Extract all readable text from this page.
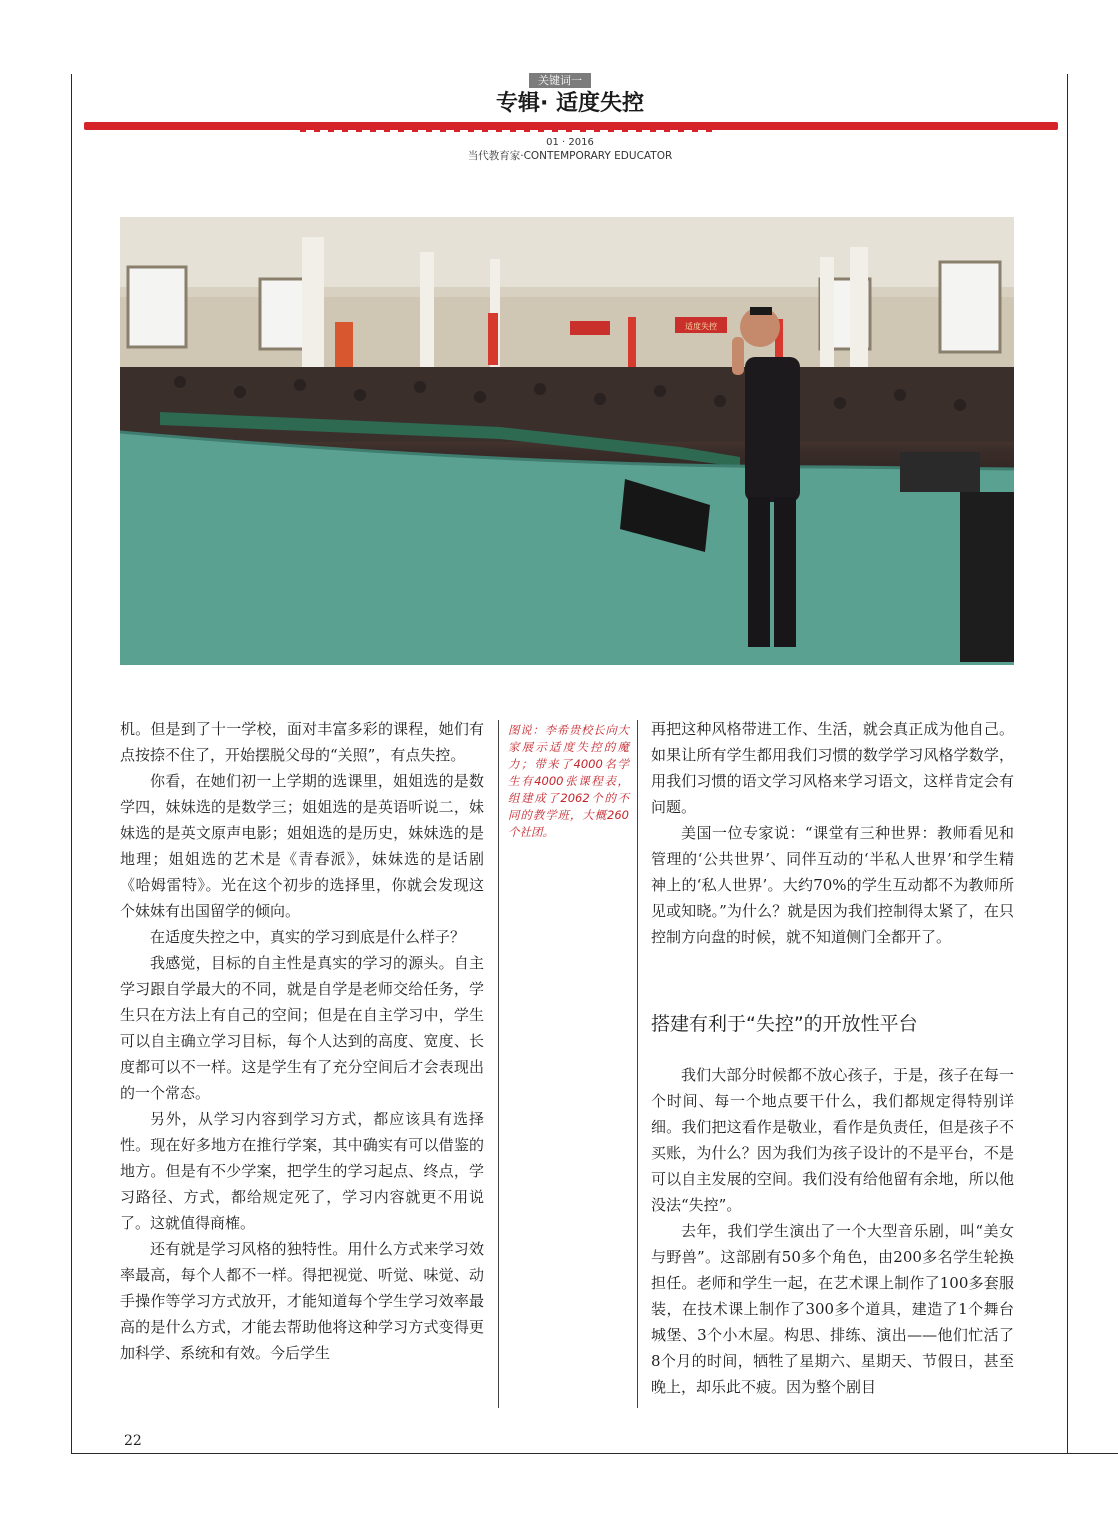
关键词一
专辑· 适度失控
01 · 2016
当代教育家·CONTEMPORARY EDUCATOR
适度失控

机。但是到了十一学校，面对丰富多彩的课程，她们有点按捺不住了，开始摆脱父母的“关照”，有点失控。

你看，在她们初一上学期的选课里，姐姐选的是数学四，妹妹选的是数学三；姐姐选的是英语听说二，妹妹选的是英文原声电影；姐姐选的是历史，妹妹选的是地理；姐姐选的艺术是《青春派》，妹妹选的是话剧《哈姆雷特》。光在这个初步的选择里，你就会发现这个妹妹有出国留学的倾向。

在适度失控之中，真实的学习到底是什么样子？

我感觉，目标的自主性是真实的学习的源头。自主学习跟自学最大的不同，就是自学是老师交给任务，学生只在方法上有自己的空间；但是在自主学习中，学生可以自主确立学习目标，每个人达到的高度、宽度、长度都可以不一样。这是学生有了充分空间后才会表现出的一个常态。

另外，从学习内容到学习方式，都应该具有选择性。现在好多地方在推行学案，其中确实有可以借鉴的地方。但是有不少学案，把学生的学习起点、终点，学习路径、方式，都给规定死了，学习内容就更不用说了。这就值得商榷。

还有就是学习风格的独特性。用什么方式来学习效率最高，每个人都不一样。得把视觉、听觉、味觉、动手操作等学习方式放开，才能知道每个学生学习效率最高的是什么方式，才能去帮助他将这种学习方式变得更加科学、系统和有效。今后学生

图说：李希贵校长向大家展示适度失控的魔力；带来了4000名学生有4000张课程表，组建成了2062个的不同的教学班，大概260个社团。

再把这种风格带进工作、生活，就会真正成为他自己。如果让所有学生都用我们习惯的数学学习风格学数学，用我们习惯的语文学习风格来学习语文，这样肯定会有问题。

美国一位专家说：“课堂有三种世界：教师看见和管理的‘公共世界’、同伴互动的‘半私人世界’和学生精神上的‘私人世界’。大约70%的学生互动都不为教师所见或知晓。”为什么？就是因为我们控制得太紧了，在只控制方向盘的时候，就不知道侧门全都开了。

搭建有利于“失控”的开放性平台

我们大部分时候都不放心孩子，于是，孩子在每一个时间、每一个地点要干什么，我们都规定得特别详细。我们把这看作是敬业，看作是负责任，但是孩子不买账，为什么？因为我们为孩子设计的不是平台，不是可以自主发展的空间。我们没有给他留有余地，所以他没法“失控”。

去年，我们学生演出了一个大型音乐剧，叫“美女与野兽”。这部剧有50多个角色，由200多名学生轮换担任。老师和学生一起，在艺术课上制作了100多套服装，在技术课上制作了300多个道具，建造了1个舞台城堡、3个小木屋。构思、排练、演出——他们忙活了8个月的时间，牺牲了星期六、星期天、节假日，甚至晚上，却乐此不疲。因为整个剧目

22
